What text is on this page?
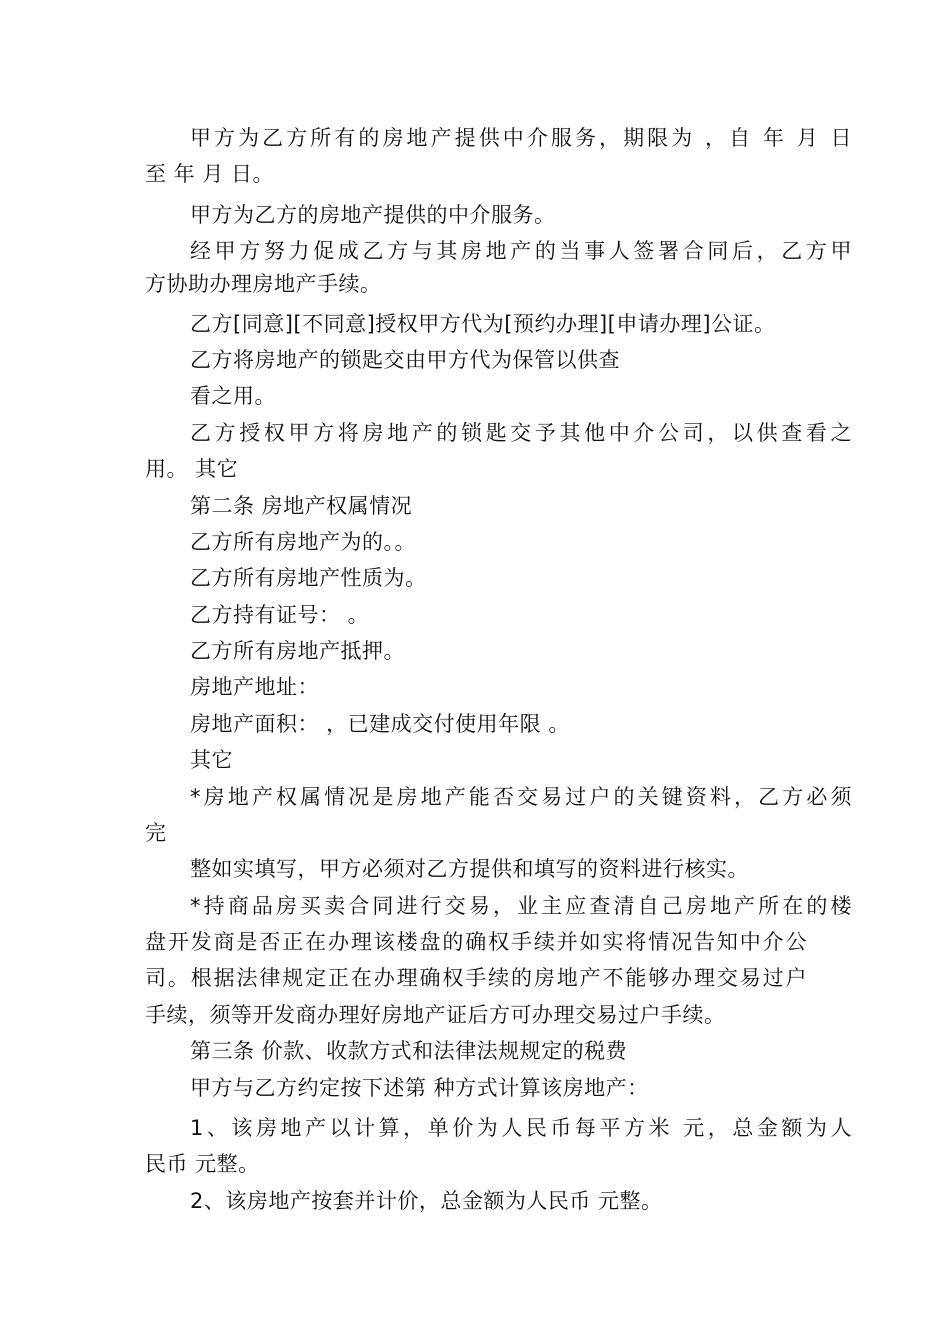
甲方为乙方所有的房地产提供中介服务，期限为 ，自 年 月 日
至 年 月 日。
甲方为乙方的房地产提供的中介服务。
经甲方努力促成乙方与其房地产的当事人签署合同后，乙方甲
方协助办理房地产手续。
乙方[同意][不同意]授权甲方代为[预约办理][申请办理]公证。
乙方将房地产的锁匙交由甲方代为保管以供查
看之用。
乙方授权甲方将房地产的锁匙交予其他中介公司，以供查看之
用。 其它
第二条 房地产权属情况
乙方所有房地产为的。。
乙方所有房地产性质为。
乙方持有证号： 。
乙方所有房地产抵押。
房地产地址：
房地产面积： ，已建成交付使用年限 。
其它
*房地产权属情况是房地产能否交易过户的关键资料，乙方必须
完
整如实填写，甲方必须对乙方提供和填写的资料进行核实。
*持商品房买卖合同进行交易，业主应查清自己房地产所在的楼
盘开发商是否正在办理该楼盘的确权手续并如实将情况告知中介公
司。根据法律规定正在办理确权手续的房地产不能够办理交易过户
手续，须等开发商办理好房地产证后方可办理交易过户手续。
第三条 价款、收款方式和法律法规规定的税费
甲方与乙方约定按下述第 种方式计算该房地产：
1、该房地产以计算，单价为人民币每平方米 元，总金额为人
民币 元整。
2、该房地产按套并计价，总金额为人民币 元整。
